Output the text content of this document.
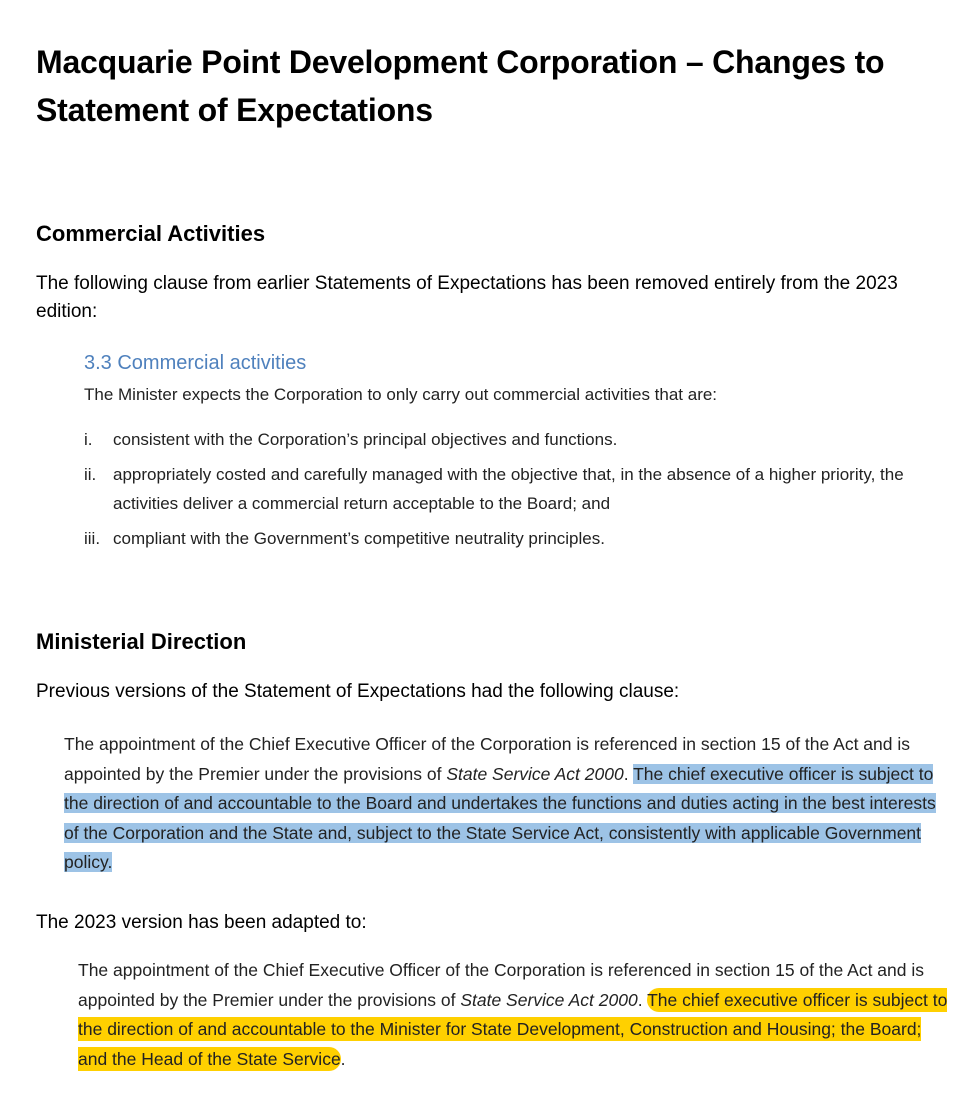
Macquarie Point Development Corporation – Changes to Statement of Expectations
Commercial Activities

The following clause from earlier Statements of Expectations has been removed entirely from the 2023 edition:

3.3 Commercial activities

The Minister expects the Corporation to only carry out commercial activities that are:

i. consistent with the Corporation’s principal objectives and functions.
ii. appropriately costed and carefully managed with the objective that, in the absence of a higher priority, the activities deliver a commercial return acceptable to the Board; and
iii. compliant with the Government’s competitive neutrality principles.
Ministerial Direction

Previous versions of the Statement of Expectations had the following clause:

The appointment of the Chief Executive Officer of the Corporation is referenced in section 15 of the Act and is appointed by the Premier under the provisions of State Service Act 2000. The chief executive officer is subject to the direction of and accountable to the Board and undertakes the functions and duties acting in the best interests of the Corporation and the State and, subject to the State Service Act, consistently with applicable Government policy.

The 2023 version has been adapted to:

The appointment of the Chief Executive Officer of the Corporation is referenced in section 15 of the Act and is appointed by the Premier under the provisions of State Service Act 2000. The chief executive officer is subject to the direction of and accountable to the Minister for State Development, Construction and Housing; the Board; and the Head of the State Service.
